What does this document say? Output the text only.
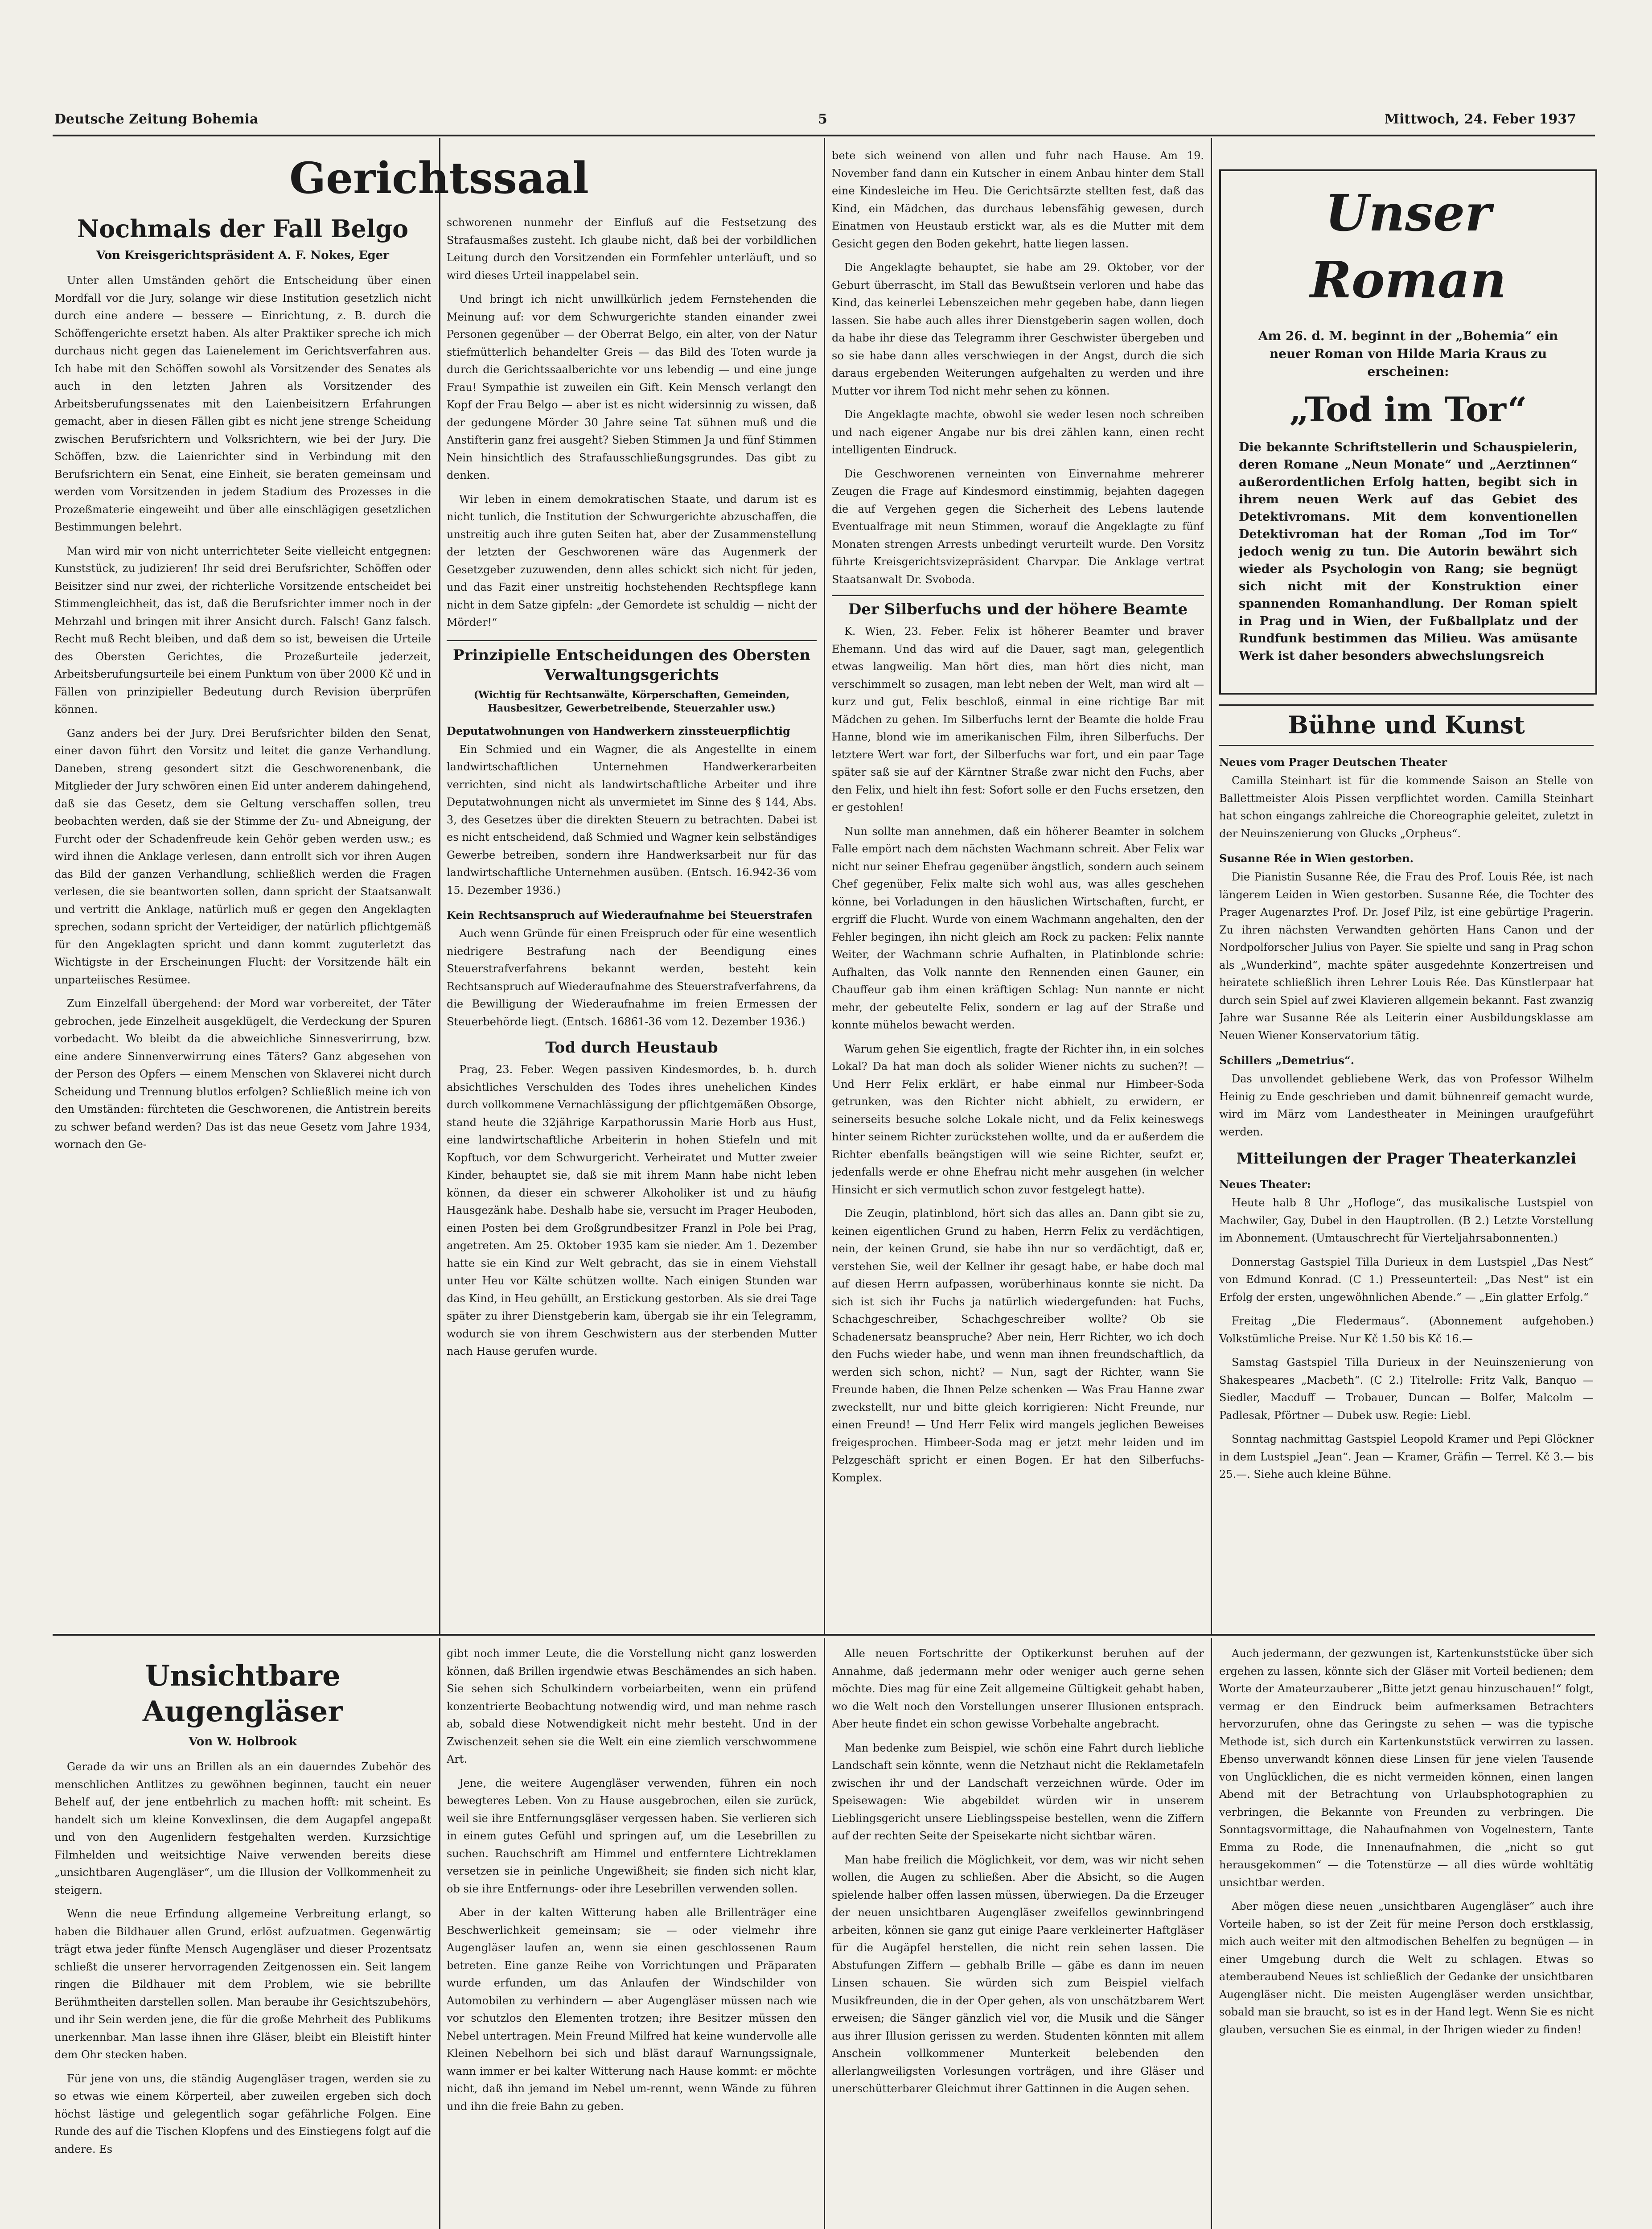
Deutsche Zeitung Bohemia	5	Mittwoch, 24. Feber 1937
Nochmals der Fall Belgo
Von Kreisgerichtspräsident A. F. Nokes, Eger

Unter allen Umständen gehört die Entscheidung über einen Mordfall vor die Jury, solange wir diese Institution gesetzlich nicht durch eine andere — bessere — Einrichtung, z. B. durch die Schöffengerichte ersetzt haben. Als alter Praktiker spreche ich mich durchaus nicht gegen das Laienelement im Gerichtsverfahren aus. Ich habe mit den Schöffen sowohl als Vorsitzender des Senates als auch in den letzten Jahren als Vorsitzender des Arbeitsberufungssenates mit den Laienbeisitzern Erfahrungen gemacht, aber in diesen Fällen gibt es nicht jene strenge Scheidung zwischen Berufsrichtern und Volksrichtern, wie bei der Jury. Die Schöffen, bzw. die Laienrichter sind in Verbindung mit den Berufsrichtern ein Senat, eine Einheit, sie beraten gemeinsam und werden vom Vorsitzenden in jedem Stadium des Prozesses in die Prozeßmaterie eingeweiht und über alle einschlägigen gesetzlichen Bestimmungen belehrt.

Man wird mir von nicht unterrichteter Seite vielleicht entgegnen: Kunststück, zu judizieren! Ihr seid drei Berufsrichter, Schöffen oder Beisitzer sind nur zwei, der richterliche Vorsitzende entscheidet bei Stimmengleichheit, das ist, daß die Berufsrichter immer noch in der Mehrzahl und bringen mit ihrer Ansicht durch. Falsch! Ganz falsch. Recht muß Recht bleiben, und daß dem so ist, beweisen die Urteile des Obersten Gerichtes, die Prozeßurteile jederzeit, Arbeitsberufungsurteile bei einem Punktum von über 2000 Kč und in Fällen von prinzipieller Bedeutung durch Revision überprüfen können.

Ganz anders bei der Jury. Drei Berufsrichter bilden den Senat, einer davon führt den Vorsitz und leitet die ganze Verhandlung. Daneben, streng gesondert sitzt die Geschworenenbank, die Mitglieder der Jury schwören einen Eid unter anderem dahingehend, daß sie das Gesetz, dem sie Geltung verschaffen sollen, treu beobachten werden, daß sie der Stimme der Zu- und Abneigung, der Furcht oder der Schadenfreude kein Gehör geben werden usw.; es wird ihnen die Anklage verlesen, dann entrollt sich vor ihren Augen das Bild der ganzen Verhandlung, schließlich werden die Fragen verlesen, die sie beantworten sollen, dann spricht der Staatsanwalt und vertritt die Anklage, natürlich muß er gegen den Angeklagten sprechen, sodann spricht der Verteidiger, der natürlich pflichtgemäß für den Angeklagten spricht und dann kommt zuguterletzt das Wichtigste in der Erscheinungen Flucht: der Vorsitzende hält ein unparteiisches Resümee.

Zum Einzelfall übergehend: der Mord war vorbereitet, der Täter gebrochen, jede Einzelheit ausgeklügelt, die Verdeckung der Spuren vorbedacht. Wo bleibt da die abweichliche Sinnesverirrung, bzw. eine andere Sinnenverwirrung eines Täters? Ganz abgesehen von der Person des Opfers — einem Menschen von Sklaverei nicht durch Scheidung und Trennung blutlos erfolgen? Schließlich meine ich von den Umständen: fürchteten die Geschworenen, die Antistrein bereits zu schwer befand werden? Das ist das neue Gesetz vom Jahre 1934, wornach den Ge-

Gerichtssaal

schworenen nunmehr der Einfluß auf die Festsetzung des Strafausmaßes zusteht. Ich glaube nicht, daß bei der vorbildlichen Leitung durch den Vorsitzenden ein Formfehler unterläuft, und so wird dieses Urteil inappelabel sein.

Und bringt ich nicht unwillkürlich jedem Fernstehenden die Meinung auf: vor dem Schwurgerichte standen einander zwei Personen gegenüber — der Oberrat Belgo, ein alter, von der Natur stiefmütterlich behandelter Greis — das Bild des Toten wurde ja durch die Gerichtssaalberichte vor uns lebendig — und eine junge Frau! Sympathie ist zuweilen ein Gift. Kein Mensch verlangt den Kopf der Frau Belgo — aber ist es nicht widersinnig zu wissen, daß der gedungene Mörder 30 Jahre seine Tat sühnen muß und die Anstifterin ganz frei ausgeht? Sieben Stimmen Ja und fünf Stimmen Nein hinsichtlich des Strafausschließungsgrundes. Das gibt zu denken.

Wir leben in einem demokratischen Staate, und darum ist es nicht tunlich, die Institution der Schwurgerichte abzuschaffen, die unstreitig auch ihre guten Seiten hat, aber der Zusammenstellung der letzten der Geschworenen wäre das Augenmerk der Gesetzgeber zuzuwenden, denn alles schickt sich nicht für jeden, und das Fazit einer unstreitig hochstehenden Rechtspflege kann nicht in dem Satze gipfeln: „der Gemordete ist schuldig — nicht der Mörder!“

Prinzipielle Entscheidungen des Obersten Verwaltungsgerichts
(Wichtig für Rechtsanwälte, Körperschaften, Gemeinden, Hausbesitzer, Gewerbetreibende, Steuerzahler usw.)
Deputatwohnungen von Handwerkern zinssteuerpflichtig

Ein Schmied und ein Wagner, die als Angestellte in einem landwirtschaftlichen Unternehmen Handwerkerarbeiten verrichten, sind nicht als landwirtschaftliche Arbeiter und ihre Deputatwohnungen nicht als unvermietet im Sinne des § 144, Abs. 3, des Gesetzes über die direkten Steuern zu betrachten. Dabei ist es nicht entscheidend, daß Schmied und Wagner kein selbständiges Gewerbe betreiben, sondern ihre Handwerksarbeit nur für das landwirtschaftliche Unternehmen ausüben. (Entsch. 16.942-36 vom 15. Dezember 1936.)

Kein Rechtsanspruch auf Wiederaufnahme bei Steuerstrafen

Auch wenn Gründe für einen Freispruch oder für eine wesentlich niedrigere Bestrafung nach der Beendigung eines Steuerstrafverfahrens bekannt werden, besteht kein Rechtsanspruch auf Wiederaufnahme des Steuerstrafverfahrens, da die Bewilligung der Wiederaufnahme im freien Ermessen der Steuerbehörde liegt. (Entsch. 16861-36 vom 12. Dezember 1936.)

Tod durch Heustaub

Prag, 23. Feber. Wegen passiven Kindesmordes, b. h. durch absichtliches Verschulden des Todes ihres unehelichen Kindes durch vollkommene Vernachlässigung der pflichtgemäßen Obsorge, stand heute die 32jährige Karpathorussin Marie Horb aus Hust, eine landwirtschaftliche Arbeiterin in hohen Stiefeln und mit Kopftuch, vor dem Schwurgericht. Verheiratet und Mutter zweier Kinder, behauptet sie, daß sie mit ihrem Mann habe nicht leben können, da dieser ein schwerer Alkoholiker ist und zu häufig Hausgezänk habe. Deshalb habe sie, versucht im Prager Heuboden, einen Posten bei dem Großgrundbesitzer Franzl in Pole bei Prag, angetreten. Am 25. Oktober 1935 kam sie nieder. Am 1. Dezember hatte sie ein Kind zur Welt gebracht, das sie in einem Viehstall unter Heu vor Kälte schützen wollte. Nach einigen Stunden war das Kind, in Heu gehüllt, an Erstickung gestorben. Als sie drei Tage später zu ihrer Dienstgeberin kam, übergab sie ihr ein Telegramm, wodurch sie von ihrem Geschwistern aus der sterbenden Mutter nach Hause gerufen wurde.

bete sich weinend von allen und fuhr nach Hause. Am 19. November fand dann ein Kutscher in einem Anbau hinter dem Stall eine Kindesleiche im Heu. Die Gerichtsärzte stellten fest, daß das Kind, ein Mädchen, das durchaus lebensfähig gewesen, durch Einatmen von Heustaub erstickt war, als es die Mutter mit dem Gesicht gegen den Boden gekehrt, hatte liegen lassen.

Die Angeklagte behauptet, sie habe am 29. Oktober, vor der Geburt überrascht, im Stall das Bewußtsein verloren und habe das Kind, das keinerlei Lebenszeichen mehr gegeben habe, dann liegen lassen. Sie habe auch alles ihrer Dienstgeberin sagen wollen, doch da habe ihr diese das Telegramm ihrer Geschwister übergeben und so sie habe dann alles verschwiegen in der Angst, durch die sich daraus ergebenden Weiterungen aufgehalten zu werden und ihre Mutter vor ihrem Tod nicht mehr sehen zu können.

Die Angeklagte machte, obwohl sie weder lesen noch schreiben und nach eigener Angabe nur bis drei zählen kann, einen recht intelligenten Eindruck.

Die Geschworenen verneinten von Einvernahme mehrerer Zeugen die Frage auf Kindesmord einstimmig, bejahten dagegen die auf Vergehen gegen die Sicherheit des Lebens lautende Eventualfrage mit neun Stimmen, worauf die Angeklagte zu fünf Monaten strengen Arrests unbedingt verurteilt wurde. Den Vorsitz führte Kreisgerichtsvizepräsident Charvpar. Die Anklage vertrat Staatsanwalt Dr. Svoboda.

Der Silberfuchs und der höhere Beamte

K. Wien, 23. Feber. Felix ist höherer Beamter und braver Ehemann. Und das wird auf die Dauer, sagt man, gelegentlich etwas langweilig. Man hört dies, man hört dies nicht, man verschimmelt so zusagen, man lebt neben der Welt, man wird alt — kurz und gut, Felix beschloß, einmal in eine richtige Bar mit Mädchen zu gehen. Im Silberfuchs lernt der Beamte die holde Frau Hanne, blond wie im amerikanischen Film, ihren Silberfuchs. Der letztere Wert war fort, der Silberfuchs war fort, und ein paar Tage später saß sie auf der Kärntner Straße zwar nicht den Fuchs, aber den Felix, und hielt ihn fest: Sofort solle er den Fuchs ersetzen, den er gestohlen!

Nun sollte man annehmen, daß ein höherer Beamter in solchem Falle empört nach dem nächsten Wachmann schreit. Aber Felix war nicht nur seiner Ehefrau gegenüber ängstlich, sondern auch seinem Chef gegenüber, Felix malte sich wohl aus, was alles geschehen könne, bei Vorladungen in den häuslichen Wirtschaften, furcht, er ergriff die Flucht. Wurde von einem Wachmann angehalten, den der Fehler begingen, ihn nicht gleich am Rock zu packen: Felix nannte Weiter, der Wachmann schrie Aufhalten, in Platinblonde schrie: Aufhalten, das Volk nannte den Rennenden einen Gauner, ein Chauffeur gab ihm einen kräftigen Schlag: Nun nannte er nicht mehr, der gebeutelte Felix, sondern er lag auf der Straße und konnte mühelos bewacht werden.

Warum gehen Sie eigentlich, fragte der Richter ihn, in ein solches Lokal? Da hat man doch als solider Wiener nichts zu suchen?! — Und Herr Felix erklärt, er habe einmal nur Himbeer-Soda getrunken, was den Richter nicht abhielt, zu erwidern, er seinerseits besuche solche Lokale nicht, und da Felix keineswegs hinter seinem Richter zurückstehen wollte, und da er außerdem die Richter ebenfalls beängstigen will wie seine Richter, seufzt er, jedenfalls werde er ohne Ehefrau nicht mehr ausgehen (in welcher Hinsicht er sich vermutlich schon zuvor festgelegt hatte).

Die Zeugin, platinblond, hört sich das alles an. Dann gibt sie zu, keinen eigentlichen Grund zu haben, Herrn Felix zu verdächtigen, nein, der keinen Grund, sie habe ihn nur so verdächtigt, daß er, verstehen Sie, weil der Kellner ihr gesagt habe, er habe doch mal auf diesen Herrn aufpassen, worüberhinaus konnte sie nicht. Da sich ist sich ihr Fuchs ja natürlich wiedergefunden: hat Fuchs, Schachgeschreiber, Schachgeschreiber wollte? Ob sie Schadenersatz beanspruche? Aber nein, Herr Richter, wo ich doch den Fuchs wieder habe, und wenn man ihnen freundschaftlich, da werden sich schon, nicht? — Nun, sagt der Richter, wann Sie Freunde haben, die Ihnen Pelze schenken — Was Frau Hanne zwar zweckstellt, nur und bitte gleich korrigieren: Nicht Freunde, nur einen Freund! — Und Herr Felix wird mangels jeglichen Beweises freigesprochen. Himbeer-Soda mag er jetzt mehr leiden und im Pelzgeschäft spricht er einen Bogen. Er hat den Silberfuchs-Komplex.

Unser Roman
Am 26. d. M. beginnt in der „Bohemia“ ein neuer Roman von Hilde Maria Kraus zu erscheinen:
„Tod im Tor“
Die bekannte Schriftstellerin und Schauspielerin, deren Romane „Neun Monate“ und „Aerztinnen“ außerordentlichen Erfolg hatten, begibt sich in ihrem neuen Werk auf das Gebiet des Detektivromans. Mit dem konventionellen Detektivroman hat der Roman „Tod im Tor“ jedoch wenig zu tun. Die Autorin bewährt sich wieder als Psychologin von Rang; sie begnügt sich nicht mit der Konstruktion einer spannenden Romanhandlung. Der Roman spielt in Prag und in Wien, der Fußballplatz und der Rundfunk bestimmen das Milieu. Was amüsante Werk ist daher besonders abwechslungsreich
Bühne und Kunst
Neues vom Prager Deutschen Theater

Camilla Steinhart ist für die kommende Saison an Stelle von Ballettmeister Alois Pissen verpflichtet worden. Camilla Steinhart hat schon eingangs zahlreiche die Choreographie geleitet, zuletzt in der Neuinszenierung von Glucks „Orpheus“.

Susanne Rée in Wien gestorben.

Die Pianistin Susanne Rée, die Frau des Prof. Louis Rée, ist nach längerem Leiden in Wien gestorben. Susanne Rée, die Tochter des Prager Augenarztes Prof. Dr. Josef Pilz, ist eine gebürtige Pragerin. Zu ihren nächsten Verwandten gehörten Hans Canon und der Nordpolforscher Julius von Payer. Sie spielte und sang in Prag schon als „Wunderkind“, machte später ausgedehnte Konzertreisen und heiratete schließlich ihren Lehrer Louis Rée. Das Künstlerpaar hat durch sein Spiel auf zwei Klavieren allgemein bekannt. Fast zwanzig Jahre war Susanne Rée als Leiterin einer Ausbildungsklasse am Neuen Wiener Konservatorium tätig.

Schillers „Demetrius“.

Das unvollendet gebliebene Werk, das von Professor Wilhelm Heinig zu Ende geschrieben und damit bühnenreif gemacht wurde, wird im März vom Landestheater in Meiningen uraufgeführt werden.

Mitteilungen der Prager Theaterkanzlei
Neues Theater:

Heute halb 8 Uhr „Hofloge“, das musikalische Lustspiel von Machwiler, Gay, Dubel in den Hauptrollen. (B 2.) Letzte Vorstellung im Abonnement. (Umtauschrecht für Vierteljahrsabonnenten.)

Donnerstag Gastspiel Tilla Durieux in dem Lustspiel „Das Nest“ von Edmund Konrad. (C 1.) Presseunterteil: „Das Nest“ ist ein Erfolg der ersten, ungewöhnlichen Abende.“ — „Ein glatter Erfolg.“

Freitag „Die Fledermaus“. (Abonnement aufgehoben.) Volkstümliche Preise. Nur Kč 1.50 bis Kč 16.—

Samstag Gastspiel Tilla Durieux in der Neuinszenierung von Shakespeares „Macbeth“. (C 2.) Titelrolle: Fritz Valk, Banquo — Siedler, Macduff — Trobauer, Duncan — Bolfer, Malcolm — Padlesak, Pförtner — Dubek usw. Regie: Liebl.

Sonntag nachmittag Gastspiel Leopold Kramer und Pepi Glöckner in dem Lustspiel „Jean“. Jean — Kramer, Gräfin — Terrel. Kč 3.— bis 25.—. Siehe auch kleine Bühne.

Unsichtbare Augengläser
Von W. Holbrook

Gerade da wir uns an Brillen als an ein dauerndes Zubehör des menschlichen Antlitzes zu gewöhnen beginnen, taucht ein neuer Behelf auf, der jene entbehrlich zu machen hofft: mit scheint. Es handelt sich um kleine Konvexlinsen, die dem Augapfel angepaßt und von den Augenlidern festgehalten werden. Kurzsichtige Filmhelden und weitsichtige Naive verwenden bereits diese „unsichtbaren Augengläser“, um die Illusion der Vollkommenheit zu steigern.

Wenn die neue Erfindung allgemeine Verbreitung erlangt, so haben die Bildhauer allen Grund, erlöst aufzuatmen. Gegenwärtig trägt etwa jeder fünfte Mensch Augengläser und dieser Prozentsatz schließt die unserer hervorragenden Zeitgenossen ein. Seit langem ringen die Bildhauer mit dem Problem, wie sie bebrillte Berühmtheiten darstellen sollen. Man beraube ihr Gesichtszubehörs, und ihr Sein werden jene, die für die große Mehrheit des Publikums unerkennbar. Man lasse ihnen ihre Gläser, bleibt ein Bleistift hinter dem Ohr stecken haben.

Für jene von uns, die ständig Augengläser tragen, werden sie zu so etwas wie einem Körperteil, aber zuweilen ergeben sich doch höchst lästige und gelegentlich sogar gefährliche Folgen. Eine Runde des auf die Tischen Klopfens und des Einstiegens folgt auf die andere. Es

gibt noch immer Leute, die die Vorstellung nicht ganz loswerden können, daß Brillen irgendwie etwas Beschämendes an sich haben. Sie sehen sich Schulkindern vorbeiarbeiten, wenn ein prüfend konzentrierte Beobachtung notwendig wird, und man nehme rasch ab, sobald diese Notwendigkeit nicht mehr besteht. Und in der Zwischenzeit sehen sie die Welt ein eine ziemlich verschwommene Art.

Jene, die weitere Augengläser verwenden, führen ein noch bewegteres Leben. Von zu Hause ausgebrochen, eilen sie zurück, weil sie ihre Entfernungsgläser vergessen haben. Sie verlieren sich in einem gutes Gefühl und springen auf, um die Lesebrillen zu suchen. Rauchschrift am Himmel und entferntere Lichtreklamen versetzen sie in peinliche Ungewißheit; sie finden sich nicht klar, ob sie ihre Entfernungs- oder ihre Lesebrillen verwenden sollen.

Aber in der kalten Witterung haben alle Brillenträger eine Beschwerlichkeit gemeinsam; sie — oder vielmehr ihre Augengläser laufen an, wenn sie einen geschlossenen Raum betreten. Eine ganze Reihe von Vorrichtungen und Präparaten wurde erfunden, um das Anlaufen der Windschilder von Automobilen zu verhindern — aber Augengläser müssen nach wie vor schutzlos den Elementen trotzen; ihre Besitzer müssen den Nebel untertragen. Mein Freund Milfred hat keine wundervolle alle Kleinen Nebelhorn bei sich und bläst darauf Warnungssignale, wann immer er bei kalter Witterung nach Hause kommt: er möchte nicht, daß ihn jemand im Nebel um-rennt, wenn Wände zu führen und ihn die freie Bahn zu geben.

Alle neuen Fortschritte der Optikerkunst beruhen auf der Annahme, daß jedermann mehr oder weniger auch gerne sehen möchte. Dies mag für eine Zeit allgemeine Gültigkeit gehabt haben, wo die Welt noch den Vorstellungen unserer Illusionen entsprach. Aber heute findet ein schon gewisse Vorbehalte angebracht.

Man bedenke zum Beispiel, wie schön eine Fahrt durch liebliche Landschaft sein könnte, wenn die Netzhaut nicht die Reklametafeln zwischen ihr und der Landschaft verzeichnen würde. Oder im Speisewagen: Wie abgebildet würden wir in unserem Lieblingsgericht unsere Lieblingsspeise bestellen, wenn die Ziffern auf der rechten Seite der Speisekarte nicht sichtbar wären.

Man habe freilich die Möglichkeit, vor dem, was wir nicht sehen wollen, die Augen zu schließen. Aber die Absicht, so die Augen spielende halber offen lassen müssen, überwiegen. Da die Erzeuger der neuen unsichtbaren Augengläser zweifellos gewinnbringend arbeiten, können sie ganz gut einige Paare verkleinerter Haftgläser für die Augäpfel herstellen, die nicht rein sehen lassen. Die Abstufungen Ziffern — gebhalb Brille — gäbe es dann im neuen Linsen schauen. Sie würden sich zum Beispiel vielfach Musikfreunden, die in der Oper gehen, als von unschätzbarem Wert erweisen; die Sänger gänzlich viel vor, die Musik und die Sänger aus ihrer Illusion gerissen zu werden. Studenten könnten mit allem Anschein vollkommener Munterkeit belebenden den allerlangweiligsten Vorlesungen vorträgen, und ihre Gläser und unerschütterbarer Gleichmut ihrer Gattinnen in die Augen sehen.

Auch jedermann, der gezwungen ist, Kartenkunststücke über sich ergehen zu lassen, könnte sich der Gläser mit Vorteil bedienen; dem Worte der Amateurzauberer „Bitte jetzt genau hinzuschauen!“ folgt, vermag er den Eindruck beim aufmerksamen Betrachters hervorzurufen, ohne das Geringste zu sehen — was die typische Methode ist, sich durch ein Kartenkunststück verwirren zu lassen. Ebenso unverwandt können diese Linsen für jene vielen Tausende von Unglücklichen, die es nicht vermeiden können, einen langen Abend mit der Betrachtung von Urlaubsphotographien zu verbringen, die Bekannte von Freunden zu verbringen. Die Sonntagsvormittage, die Nahaufnahmen von Vogelnestern, Tante Emma zu Rode, die Innenaufnahmen, die „nicht so gut herausgekommen“ — die Totenstürze — all dies würde wohltätig unsichtbar werden.

Aber mögen diese neuen „unsichtbaren Augengläser“ auch ihre Vorteile haben, so ist der Zeit für meine Person doch erstklassig, mich auch weiter mit den altmodischen Behelfen zu begnügen — in einer Umgebung durch die Welt zu schlagen. Etwas so atemberaubend Neues ist schließlich der Gedanke der unsichtbaren Augengläser nicht. Die meisten Augengläser werden unsichtbar, sobald man sie braucht, so ist es in der Hand legt. Wenn Sie es nicht glauben, versuchen Sie es einmal, in der Ihrigen wieder zu finden!
